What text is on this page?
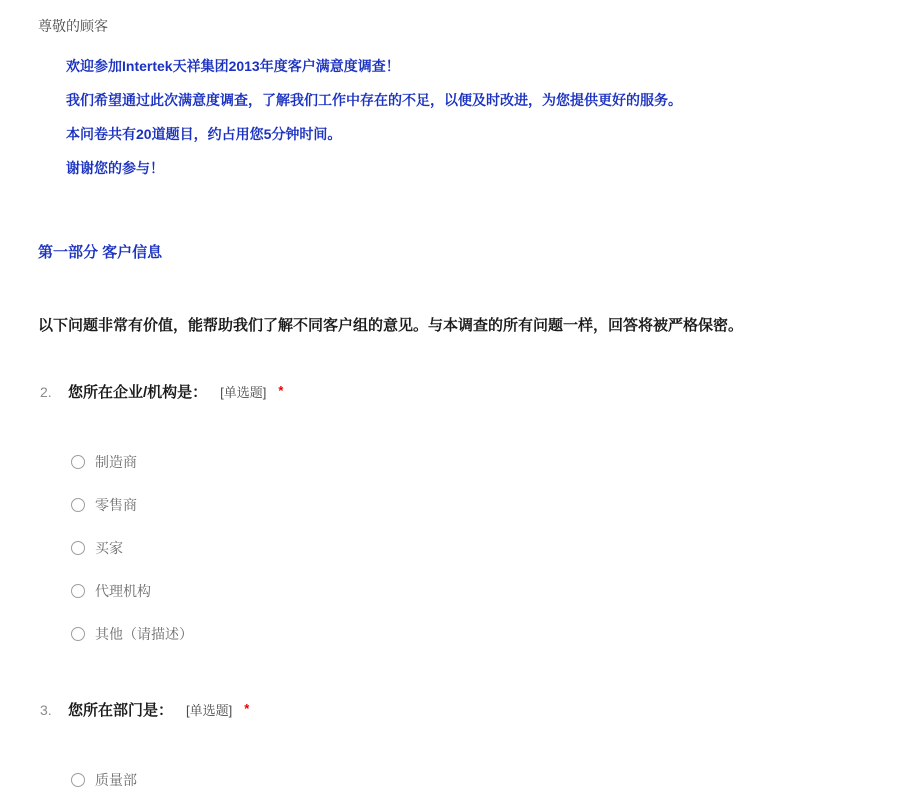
尊敬的顾客

欢迎参加Intertek天祥集团2013年度客户满意度调查！

我们希望通过此次满意度调查，了解我们工作中存在的不足，以便及时改进，为您提供更好的服务。

本问卷共有20道题目，约占用您5分钟时间。

谢谢您的参与！

第一部分 客户信息
以下问题非常有价值，能帮助我们了解不同客户组的意见。与本调查的所有问题一样，回答将被严格保密。
2. 您所在企业/机构是： [单选题] *
制造商
零售商
买家
代理机构
其他（请描述）
3. 您所在部门是： [单选题] *
质量部
